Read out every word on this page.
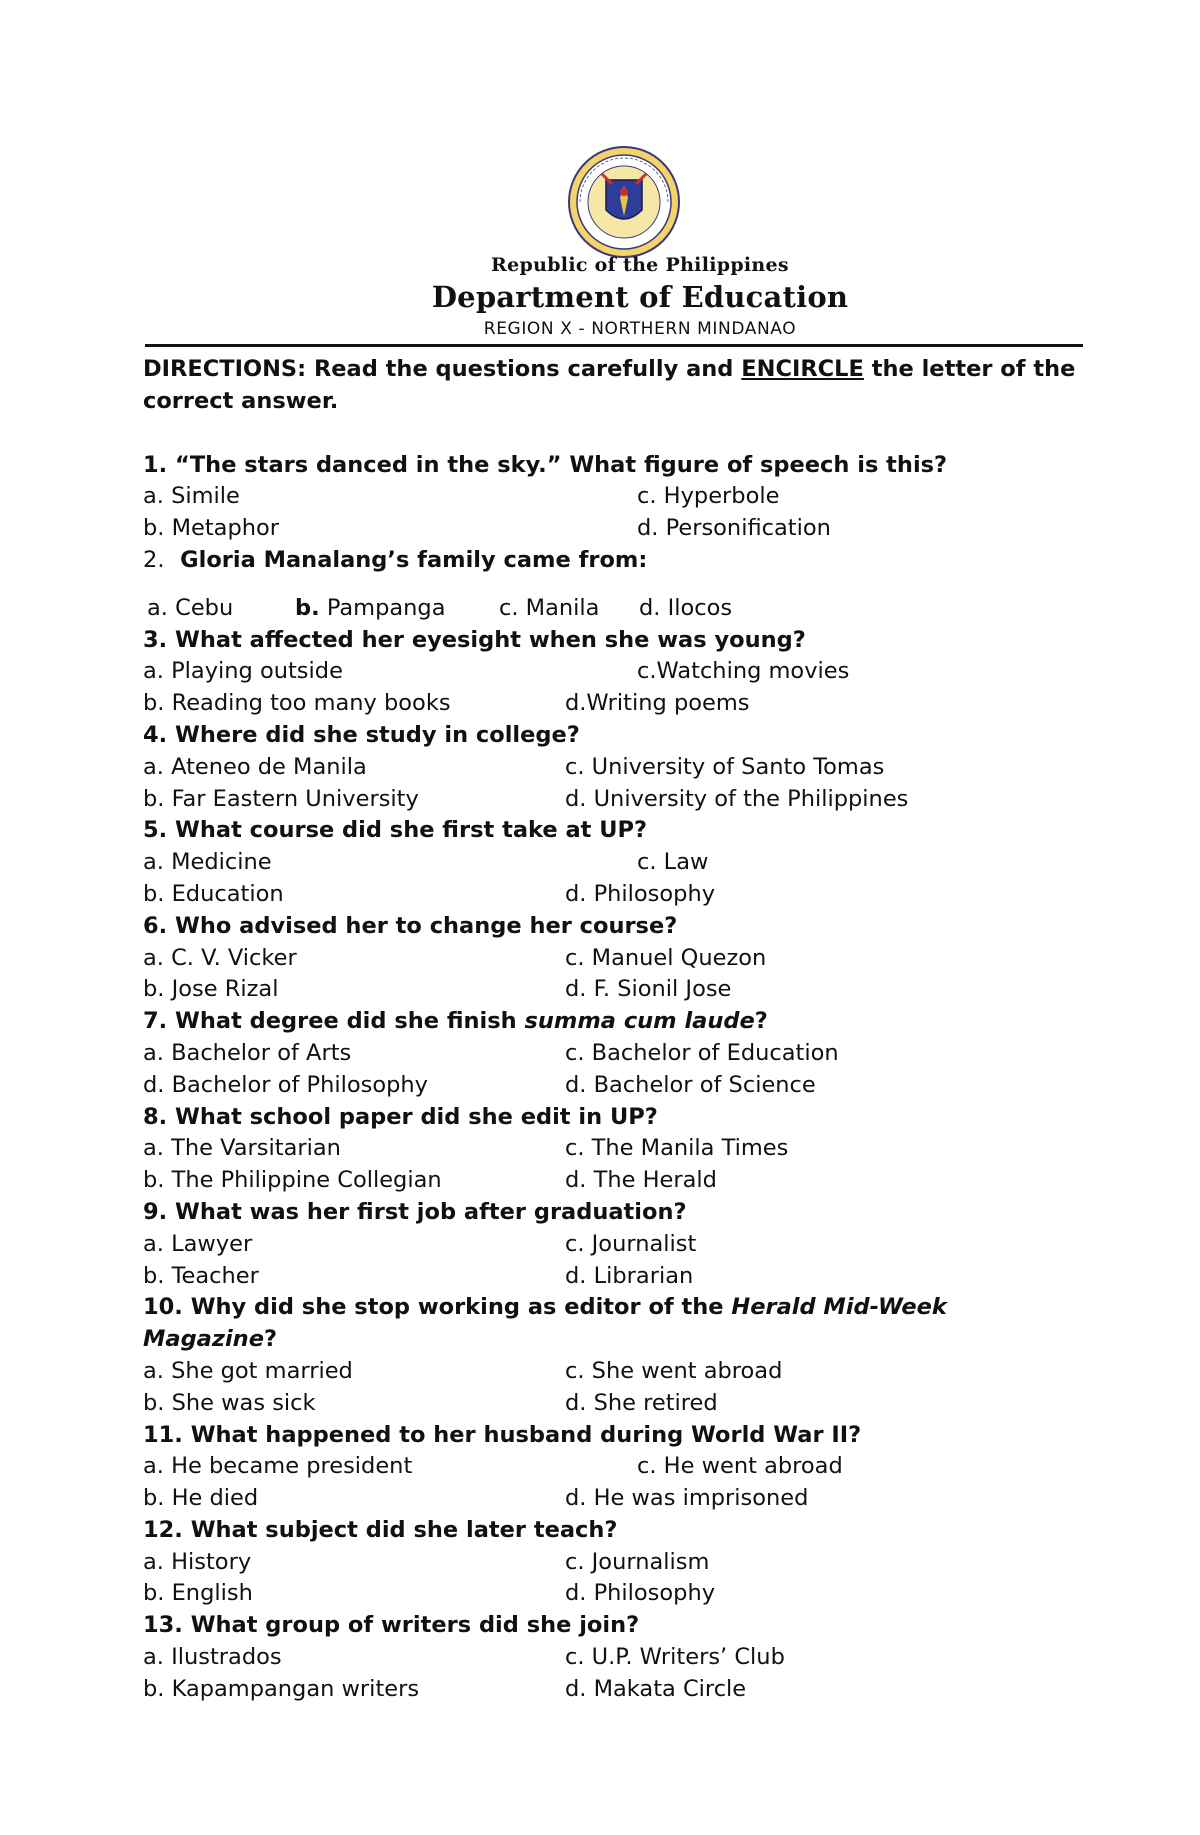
Republic of the Philippines
Department of Education
REGION X - NORTHERN MINDANAO

DIRECTIONS: Read the questions carefully and ENCIRCLE the letter of the correct answer.

1. “The stars danced in the sky.” What figure of speech is this?
a. Simile	c. Hyperbole
b. Metaphor	d. Personification
2. Gloria Manalang’s family came from:
a. Cebu	b. Pampanga c. Manila d. Ilocos
3. What affected her eyesight when she was young?
a. Playing outside	c.Watching movies
b. Reading too many books	d.Writing poems
4. Where did she study in college?
a. Ateneo de Manila	c. University of Santo Tomas
b. Far Eastern University	d. University of the Philippines
5. What course did she first take at UP?
a. Medicine	c. Law
b. Education	d. Philosophy
6. Who advised her to change her course?
a. C. V. Vicker	c. Manuel Quezon
b. Jose Rizal	d. F. Sionil Jose
7. What degree did she finish summa cum laude?
a. Bachelor of Arts	c. Bachelor of Education
d. Bachelor of Philosophy	d. Bachelor of Science
8. What school paper did she edit in UP?
a. The Varsitarian	c. The Manila Times
b. The Philippine Collegian	d. The Herald
9. What was her first job after graduation?
a. Lawyer	c. Journalist
b. Teacher	d. Librarian
10. Why did she stop working as editor of the Herald Mid-Week
Magazine?
a. She got married	c. She went abroad
b. She was sick	d. She retired
11. What happened to her husband during World War II?
a. He became president	c. He went abroad
b. He died	d. He was imprisoned
12. What subject did she later teach?
a. History	c. Journalism
b. English	d. Philosophy
13. What group of writers did she join?
a. Ilustrados	c. U.P. Writers’ Club
b. Kapampangan writers	d. Makata Circle
